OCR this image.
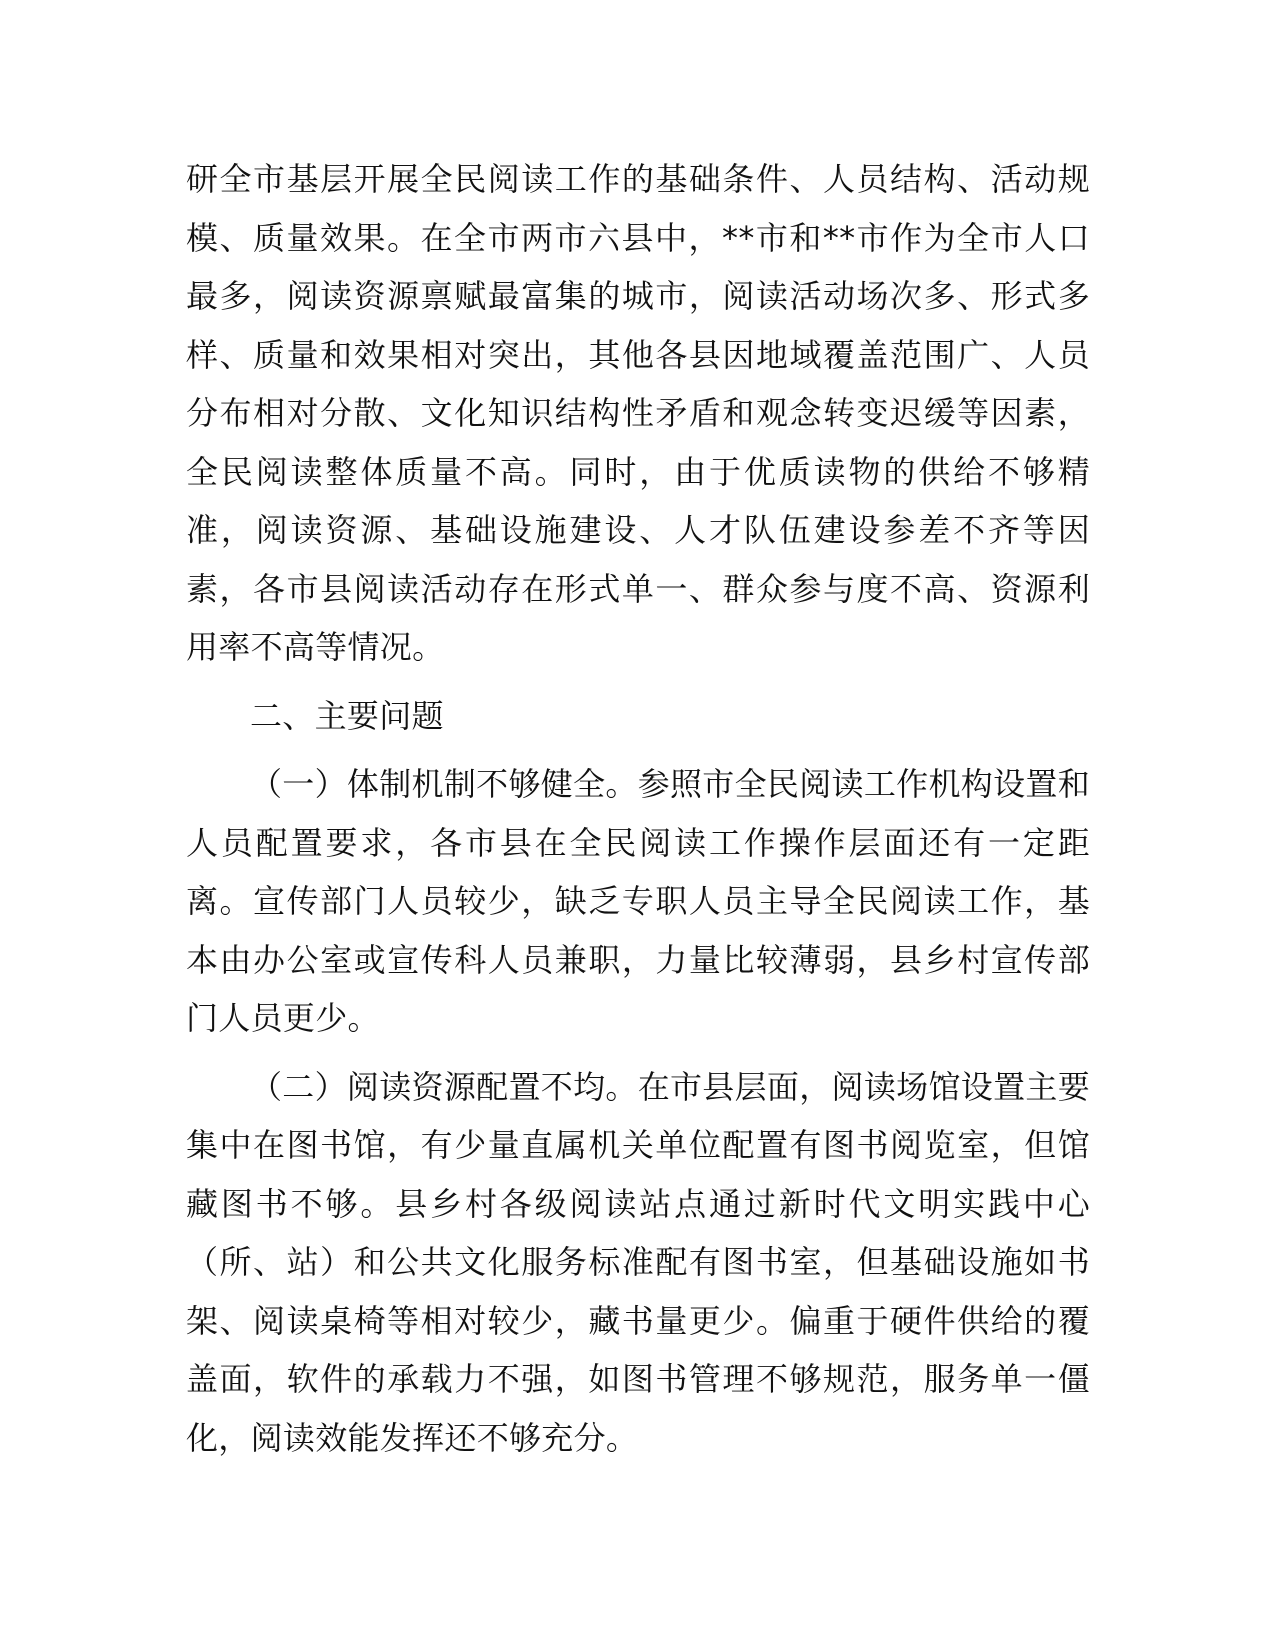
研全市基层开展全民阅读工作的基础条件、人员结构、活动规模、质量效果。在全市两市六县中，**市和**市作为全市人口最多，阅读资源禀赋最富集的城市，阅读活动场次多、形式多样、质量和效果相对突出，其他各县因地域覆盖范围广、人员分布相对分散、文化知识结构性矛盾和观念转变迟缓等因素，全民阅读整体质量不高。同时，由于优质读物的供给不够精准，阅读资源、基础设施建设、人才队伍建设参差不齐等因素，各市县阅读活动存在形式单一、群众参与度不高、资源利用率不高等情况。

二、主要问题

（一）体制机制不够健全。参照市全民阅读工作机构设置和人员配置要求，各市县在全民阅读工作操作层面还有一定距离。宣传部门人员较少，缺乏专职人员主导全民阅读工作，基本由办公室或宣传科人员兼职，力量比较薄弱，县乡村宣传部门人员更少。

（二）阅读资源配置不均。在市县层面，阅读场馆设置主要集中在图书馆，有少量直属机关单位配置有图书阅览室，但馆藏图书不够。县乡村各级阅读站点通过新时代文明实践中心（所、站）和公共文化服务标准配有图书室，但基础设施如书架、阅读桌椅等相对较少，藏书量更少。偏重于硬件供给的覆盖面，软件的承载力不强，如图书管理不够规范，服务单一僵化，阅读效能发挥还不够充分。
